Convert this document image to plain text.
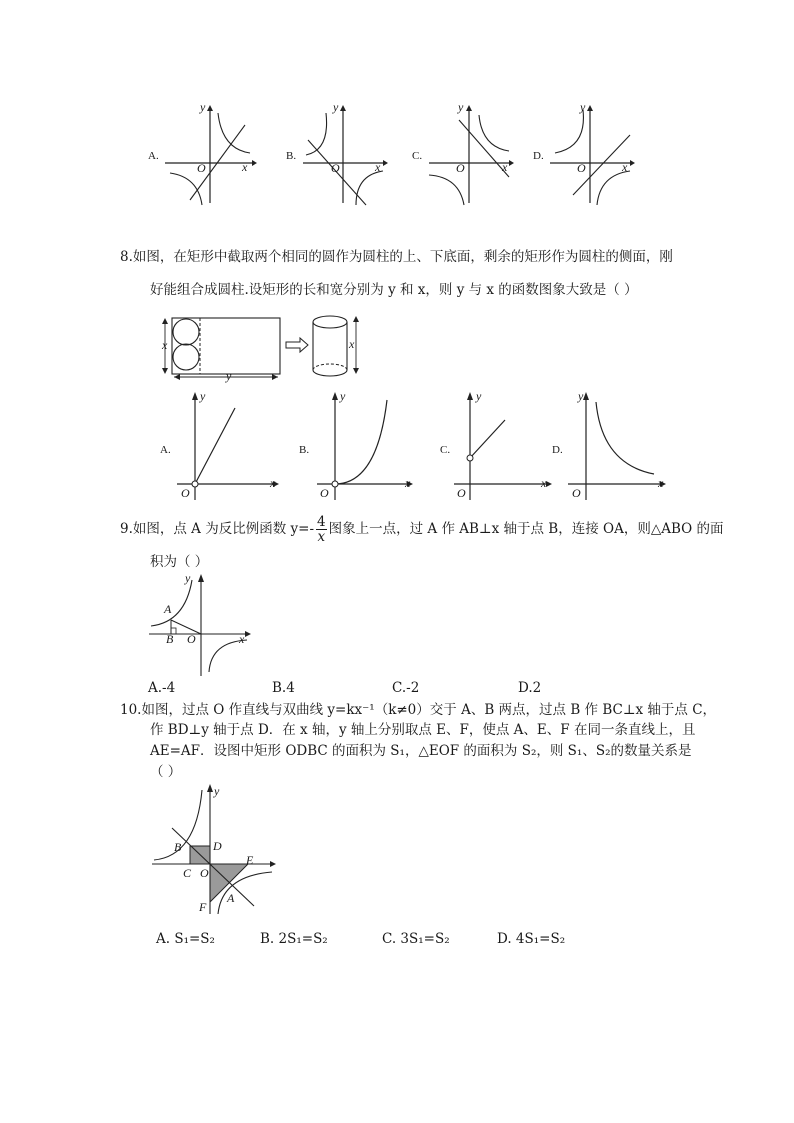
A.
y
x
O
B.
y
x
O
C.
y
x
O
D.
y
x
O
8.如图，在矩形中截取两个相同的圆作为圆柱的上、下底面，剩余的矩形作为圆柱的侧面，刚
好能组合成圆柱.设矩形的长和宽分别为 y 和 x，则 y 与 x 的函数图象大致是（ ）
x
y
x
A.
y
x
O
B.
y
x
O
C.
y
x
O
D.
y
x
O
9.如图，点 A 为反比例函数 $y=- \frac{4}{x}$ 图象上一点，过 A 作 AB⊥x 轴于点 B，连接 OA，则△ABO 的面
积为（ ）
y
A
B O	x
A.-4	B.4	C.-2	D.2
10.如图，过点 O 作直线与双曲线 y=kx⁻¹（k≠0）交于 A、B 两点，过点 B 作 BC⊥x 轴于点 C，
作 BD⊥y 轴于点 D．在 x 轴，y 轴上分别取点 E、F，使点 A、E、F 在同一条直线上，且
AE=AF．设图中矩形 ODBC 的面积为 S₁，△EOF 的面积为 S₂，则 S₁、S₂的数量关系是
（ ）
y
B	D
E
C O
F
A
A. S₁=S₂	B. 2S₁=S₂	C. 3S₁=S₂	D. 4S₁=S₂
